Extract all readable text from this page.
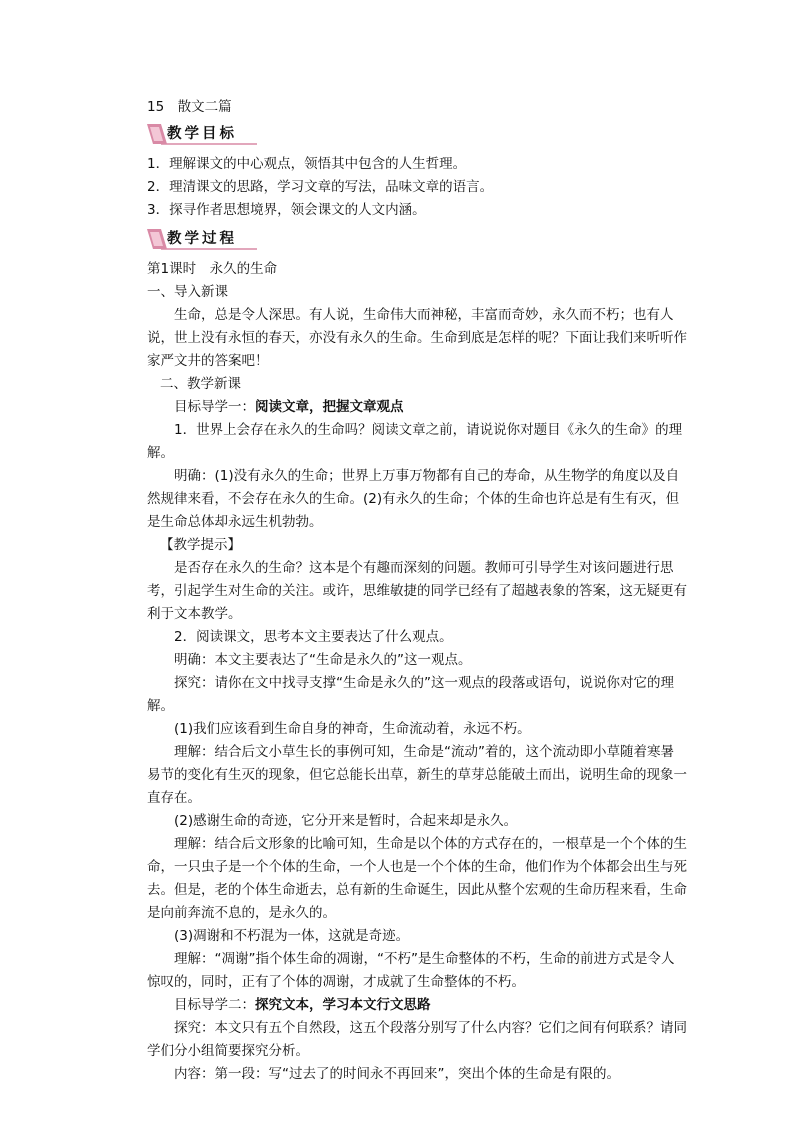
15　散文二篇
教学目标

1．理解课文的中心观点，领悟其中包含的人生哲理。

2．理清课文的思路，学习文章的写法，品味文章的语言。

3．探寻作者思想境界，领会课文的人文内涵。

教学过程

第1课时　永久的生命

一、导入新课

生命，总是令人深思。有人说，生命伟大而神秘，丰富而奇妙，永久而不朽；也有人说，世上没有永恒的春天，亦没有永久的生命。生命到底是怎样的呢？下面让我们来听听作家严文井的答案吧！

二、教学新课

目标导学一：阅读文章，把握文章观点

1．世界上会存在永久的生命吗？阅读文章之前，请说说你对题目《永久的生命》的理解。

明确：(1)没有永久的生命；世界上万事万物都有自己的寿命，从生物学的角度以及自然规律来看，不会存在永久的生命。(2)有永久的生命；个体的生命也许总是有生有灭，但是生命总体却永远生机勃勃。

【教学提示】

是否存在永久的生命？这本是个有趣而深刻的问题。教师可引导学生对该问题进行思考，引起学生对生命的关注。或许，思维敏捷的同学已经有了超越表象的答案，这无疑更有利于文本教学。

2．阅读课文，思考本文主要表达了什么观点。

明确：本文主要表达了“生命是永久的”这一观点。

探究：请你在文中找寻支撑“生命是永久的”这一观点的段落或语句，说说你对它的理解。

(1)我们应该看到生命自身的神奇，生命流动着，永远不朽。

理解：结合后文小草生长的事例可知，生命是“流动”着的，这个流动即小草随着寒暑易节的变化有生灭的现象，但它总能长出草，新生的草芽总能破土而出，说明生命的现象一直存在。

(2)感谢生命的奇迹，它分开来是暂时，合起来却是永久。

理解：结合后文形象的比喻可知，生命是以个体的方式存在的，一根草是一个个体的生命，一只虫子是一个个体的生命，一个人也是一个个体的生命，他们作为个体都会出生与死去。但是，老的个体生命逝去，总有新的生命诞生，因此从整个宏观的生命历程来看，生命是向前奔流不息的，是永久的。

(3)凋谢和不朽混为一体，这就是奇迹。

理解：“凋谢”指个体生命的凋谢，“不朽”是生命整体的不朽，生命的前进方式是令人惊叹的，同时，正有了个体的凋谢，才成就了生命整体的不朽。

目标导学二：探究文本，学习本文行文思路

探究：本文只有五个自然段，这五个段落分别写了什么内容？它们之间有何联系？请同学们分小组简要探究分析。

内容：第一段：写“过去了的时间永不再回来”，突出个体的生命是有限的。
